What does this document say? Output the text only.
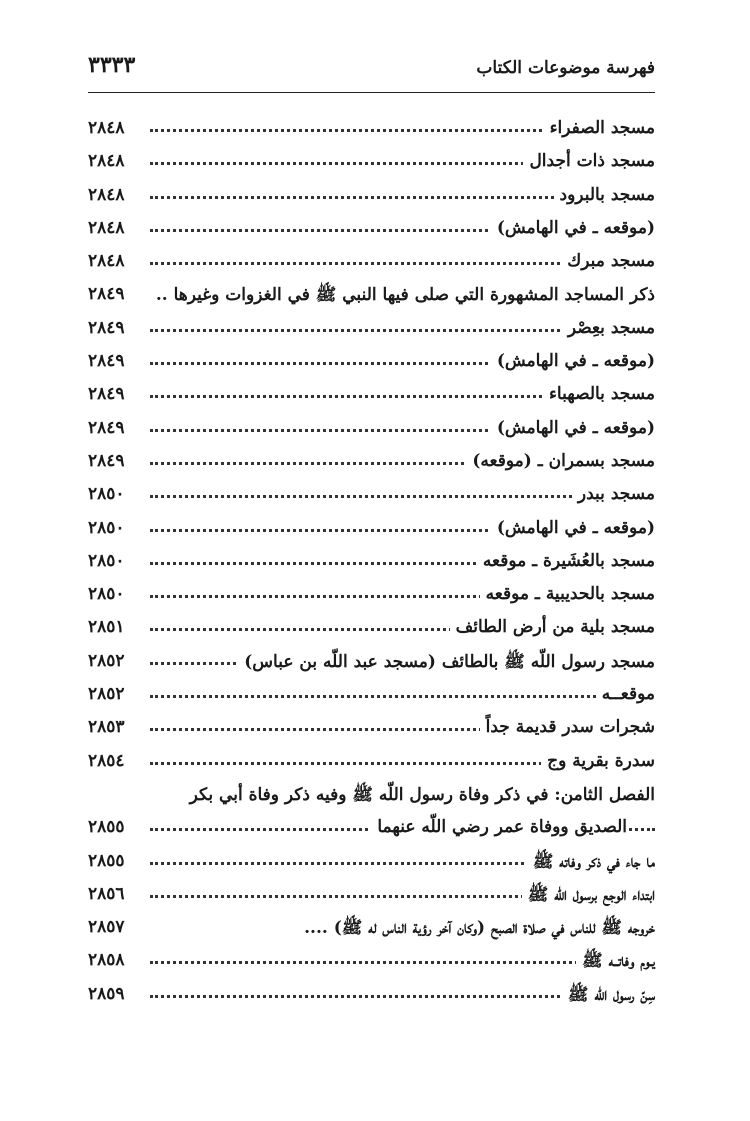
٣٣٣٣	فهرسة موضوعات الكتاب
مسجد الصفراء
٢٨٤٨
مسجد ذات أجدال
٢٨٤٨
مسجد بالبرود
٢٨٤٨
(موقعه ـ في الهامش)
٢٨٤٨
مسجد مبرك
٢٨٤٨
ذكر المساجد المشهورة التي صلى فيها النبي ﷺ في الغزوات وغيرها ..
٢٨٤٩
مسجد بعِصْر
٢٨٤٩
(موقعه ـ في الهامش)
٢٨٤٩
مسجد بالصهباء
٢٨٤٩
(موقعه ـ في الهامش)
٢٨٤٩
مسجد بسمران ـ (موقعه)
٢٨٤٩
مسجد ببدر
٢٨٥٠
(موقعه ـ في الهامش)
٢٨٥٠
مسجد بالعُشَيرة ـ موقعه
٢٨٥٠
مسجد بالحديبية ـ موقعه
٢٨٥٠
مسجد بلية من أرض الطائف
٢٨٥١
مسجد رسول اللّه ﷺ بالطائف (مسجد عبد اللّه بن عباس)
٢٨٥٢
موقعــه
٢٨٥٢
شجرات سدر قديمة جداً
٢٨٥٣
سدرة بقرية وج
٢٨٥٤
الفصل الثامن: في ذكر وفاة رسول اللّه ﷺ وفيه ذكر وفاة أبي بكر
الصديق ووفاة عمر رضي اللّه عنهما
٢٨٥٥
ما جاء في ذكر وفاته ﷺ
٢٨٥٥
ابتداء الوجع برسول اللّه ﷺ
٢٨٥٦
خروجه ﷺ للناس في صلاة الصبح (وكان آخر رؤية الناس له ﷺ) ....
٢٨٥٧
يـوم وفاتــه ﷺ
٢٨٥٨
سِنّ رسول اللّه ﷺ
٢٨٥٩
